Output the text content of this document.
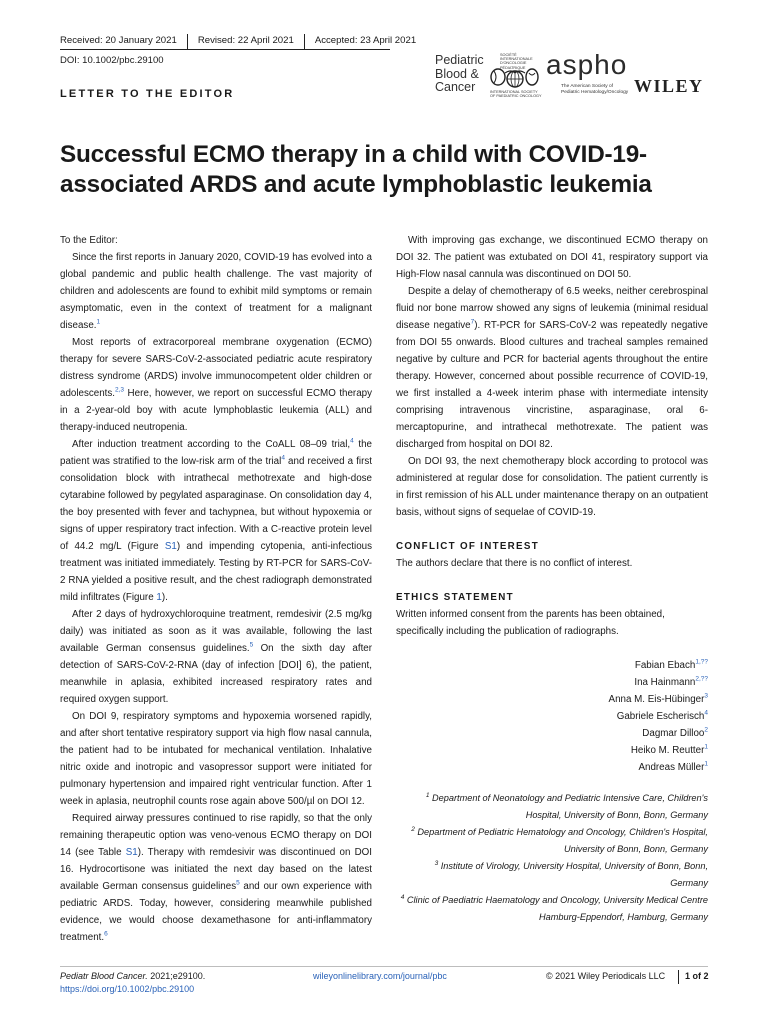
Received: 20 January 2021	Revised: 22 April 2021	Accepted: 23 April 2021
DOI: 10.1002/pbc.29100
LETTER TO THE EDITOR
Pediatric
Blood &
Cancer
SOCIÉTÉ INTERNATIONALE D'ONCOLOGIE PÉDIATRIQUE
INTERNATIONAL SOCIETY OF PAEDIATRIC ONCOLOGY
aspho
The American Society of
Pediatric Hematology/Oncology WILEY
Successful ECMO therapy in a child with COVID-19-associated ARDS and acute lymphoblastic leukemia

To the Editor:

Since the first reports in January 2020, COVID-19 has evolved into a global pandemic and public health challenge. The vast majority of children and adolescents are found to exhibit mild symptoms or remain asymptomatic, even in the context of treatment for a malignant disease.$^1$

Most reports of extracorporeal membrane oxygenation (ECMO) therapy for severe SARS-CoV-2-associated pediatric acute respiratory distress syndrome (ARDS) involve immunocompetent older children or adolescents.$^{2,3}$ Here, however, we report on successful ECMO therapy in a 2-year-old boy with acute lymphoblastic leukemia (ALL) and therapy-induced neutropenia.

After induction treatment according to the CoALL 08–09 trial,$^4$ the patient was stratified to the low-risk arm of the trial$^4$ and received a first consolidation block with intrathecal methotrexate and high-dose cytarabine followed by pegylated asparaginase. On consolidation day 4, the boy presented with fever and tachypnea, but without hypoxemia or signs of upper respiratory tract infection. With a C-reactive protein level of 44.2 mg/L (Figure S1) and impending cytopenia, anti-infectious treatment was initiated immediately. Testing by RT-PCR for SARS-CoV-2 RNA yielded a positive result, and the chest radiograph demonstrated mild infiltrates (Figure 1).

After 2 days of hydroxychloroquine treatment, remdesivir (2.5 mg/kg daily) was initiated as soon as it was available, following the last available German consensus guidelines.$^5$ On the sixth day after detection of SARS-CoV-2-RNA (day of infection [DOI] 6), the patient, meanwhile in aplasia, exhibited increased respiratory rates and required oxygen support.

On DOI 9, respiratory symptoms and hypoxemia worsened rapidly, and after short tentative respiratory support via high flow nasal cannula, the patient had to be intubated for mechanical ventilation. Inhalative nitric oxide and inotropic and vasopressor support were initiated for pulmonary hypertension and impaired right ventricular function. After 1 week in aplasia, neutrophil counts rose again above 500/µl on DOI 12.

Required airway pressures continued to rise rapidly, so that the only remaining therapeutic option was veno-venous ECMO therapy on DOI 14 (see Table S1). Therapy with remdesivir was discontinued on DOI 16. Hydrocortisone was initiated the next day based on the latest available German consensus guidelines$^5$ and our own experience with pediatric ARDS. Today, however, considering meanwhile published evidence, we would choose dexamethasone for anti-inflammatory treatment.$^6$

With improving gas exchange, we discontinued ECMO therapy on DOI 32. The patient was extubated on DOI 41, respiratory support via High-Flow nasal cannula was discontinued on DOI 50.

Despite a delay of chemotherapy of 6.5 weeks, neither cerebrospinal fluid nor bone marrow showed any signs of leukemia (minimal residual disease negative$^7$). RT-PCR for SARS-CoV-2 was repeatedly negative from DOI 55 onwards. Blood cultures and tracheal samples remained negative by culture and PCR for bacterial agents throughout the entire therapy. However, concerned about possible recurrence of COVID-19, we first installed a 4-week interim phase with intermediate intensity comprising intravenous vincristine, asparaginase, oral 6-mercaptopurine, and intrathecal methotrexate. The patient was discharged from hospital on DOI 82.

On DOI 93, the next chemotherapy block according to protocol was administered at regular dose for consolidation. The patient currently is in first remission of his ALL under maintenance therapy on an outpatient basis, without signs of sequelae of COVID-19.

CONFLICT OF INTEREST

The authors declare that there is no conflict of interest.

ETHICS STATEMENT

Written informed consent from the parents has been obtained, specifically including the publication of radiographs.

Fabian Ebach$^{1,??}$
Ina Hainmann$^{2,??}$
Anna M. Eis-Hübinger$^3$
Gabriele Escherisch$^4$
Dagmar Dilloo$^2$
Heiko M. Reutter$^1$
Andreas Müller$^1$
$^1$ Department of Neonatology and Pediatric Intensive Care, Children's Hospital, University of Bonn, Bonn, Germany
$^2$ Department of Pediatric Hematology and Oncology, Children's Hospital, University of Bonn, Bonn, Germany
$^3$ Institute of Virology, University Hospital, University of Bonn, Bonn, Germany
$^4$ Clinic of Paediatric Haematology and Oncology, University Medical Centre Hamburg-Eppendorf, Hamburg, Germany
Pediatr Blood Cancer. 2021;e29100.
https://doi.org/10.1002/pbc.29100
wileyonlinelibrary.com/journal/pbc	© 2021 Wiley Periodicals LLC	1 of 2
